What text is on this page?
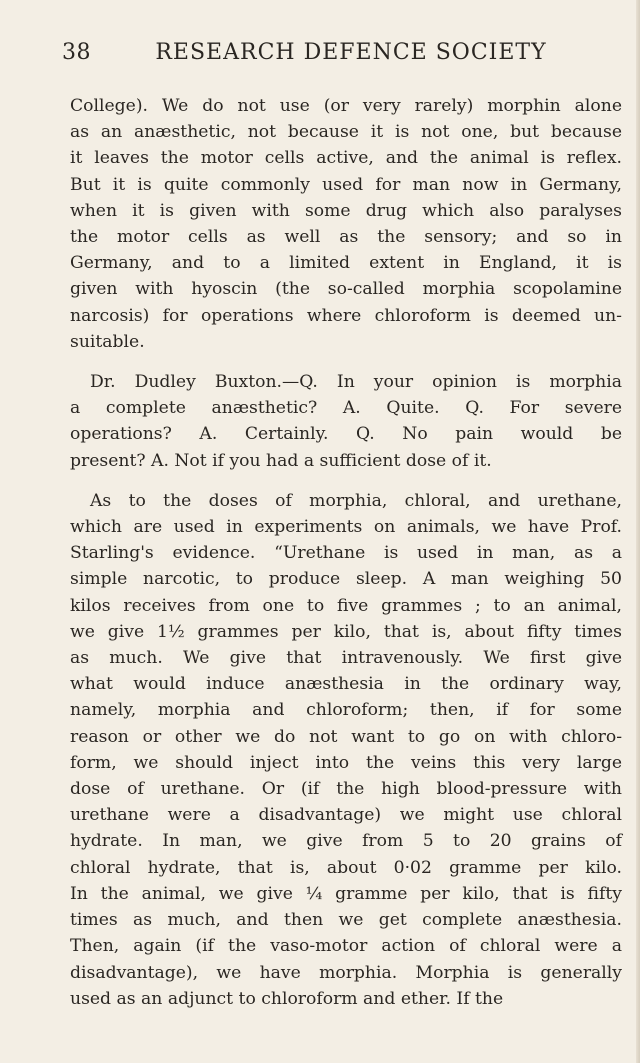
38	RESEARCH DEFENCE SOCIETY
College). We do not use (or very rarely) morphin alone
as an anæsthetic, not because it is not one, but because
it leaves the motor cells active, and the animal is reflex.
But it is quite commonly used for man now in Germany,
when it is given with some drug which also paralyses
the motor cells as well as the sensory; and so in
Germany, and to a limited extent in England, it is
given with hyoscin (the so-called morphia scopolamine
narcosis) for operations where chloroform is deemed un-
suitable.
Dr. Dudley Buxton.—Q. In your opinion is morphia
a complete anæsthetic? A. Quite. Q. For severe
operations? A. Certainly. Q. No pain would be
present? A. Not if you had a sufficient dose of it.
As to the doses of morphia, chloral, and urethane,
which are used in experiments on animals, we have Prof.
Starling's evidence. “Urethane is used in man, as a
simple narcotic, to produce sleep. A man weighing 50
kilos receives from one to five grammes ; to an animal,
we give 1½ grammes per kilo, that is, about fifty times
as much. We give that intravenously. We first give
what would induce anæsthesia in the ordinary way,
namely, morphia and chloroform; then, if for some
reason or other we do not want to go on with chloro-
form, we should inject into the veins this very large
dose of urethane. Or (if the high blood-pressure with
urethane were a disadvantage) we might use chloral
hydrate. In man, we give from 5 to 20 grains of
chloral hydrate, that is, about 0·02 gramme per kilo.
In the animal, we give ¼ gramme per kilo, that is fifty
times as much, and then we get complete anæsthesia.
Then, again (if the vaso-motor action of chloral were a
disadvantage), we have morphia. Morphia is generally
used as an adjunct to chloroform and ether. If the
